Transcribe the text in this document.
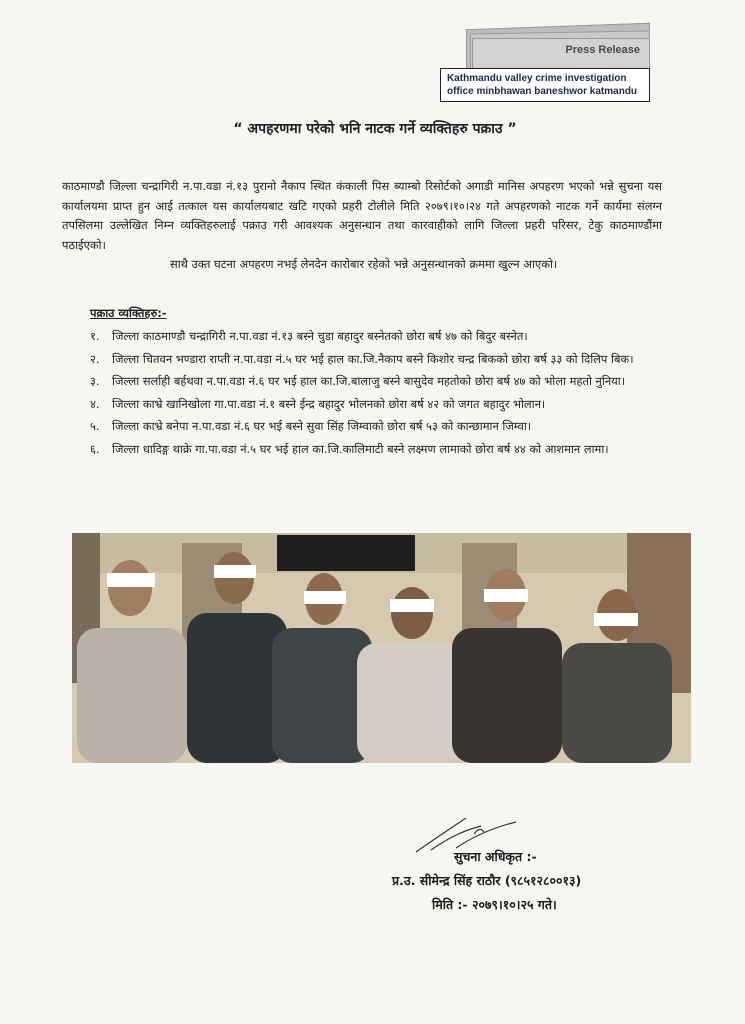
Press Release
Kathmandu valley crime investigation
office minbhawan baneshwor katmandu
“ अपहरणमा परेको भनि नाटक गर्ने व्यक्तिहरु पक्राउ ”

काठमाण्डौ जिल्ला चन्द्रागिरी न.पा.वडा नं.१३ पुरानो नैकाप स्थित कंकाली पिस ब्याम्बो रिसोर्टको अगाडी मानिस अपहरण भएको भन्ने सुचना यस कार्यालयमा प्राप्त हुन आई तत्काल यस कार्यालयबाट खटि गएको प्रहरी टोलीले मिति २०७९।१०।२४ गते अपहरणको नाटक गर्ने कार्यमा संलग्न तपसिलमा उल्लेखित निम्न व्यक्तिहरुलाई पक्राउ गरी आवश्यक अनुसन्धान तथा कारवाहीको लागि जिल्ला प्रहरी परिसर, टेकु काठमाण्डौंमा पठाईएको।

साथै उक्त घटना अपहरण नभई लेनदेन कारोबार रहेको भन्ने अनुसन्धानको क्रममा खुल्न आएको।

पक्राउ व्यक्तिहरु:-
१. जिल्ला काठमाण्डौ चन्द्रागिरी न.पा.वडा नं.१३ बस्ने चुडा बहादुर बस्नेतको छोरा बर्ष ४७ को बिदुर बस्नेत।
२. जिल्ला चितवन भण्डारा राप्ती न.पा.वडा नं.५ घर भई हाल का.जि.नैकाप बस्ने किशोर चन्द्र बिकको छोरा बर्ष ३३ को दिलिप बिक।
३. जिल्ला सर्लाही बर्हथवा न.पा.वडा नं.६ घर भई हाल का.जि.बालाजु बस्ने बासुदेव महतोको छोरा बर्ष ४७ को भोला महतो नुनिया।
४. जिल्ला काभ्रे खानिखोला गा.पा.वडा नं.१ बस्ने ईन्द्र बहादुर भोलनको छोरा बर्ष ४२ को जगत बहादुर भोलान।
५. जिल्ला काभ्रे बनेपा न.पा.वडा नं.६ घर भई बस्ने सुवा सिंह जिम्वाको छोरा बर्ष ५३ को कान्छामान जिम्वा।
६. जिल्ला धादिङ्ग थाक्रे गा.पा.वडा नं.५ घर भई हाल का.जि.कालिमाटी बस्ने लक्ष्मण लामाको छोरा बर्ष ४४ को आशमान लामा।
सुचना अधिकृत :-
प्र.उ. सीमेन्द्र सिंह राठौर (९८५१२८००१३)
मिति :- २०७९।१०।२५ गते।
